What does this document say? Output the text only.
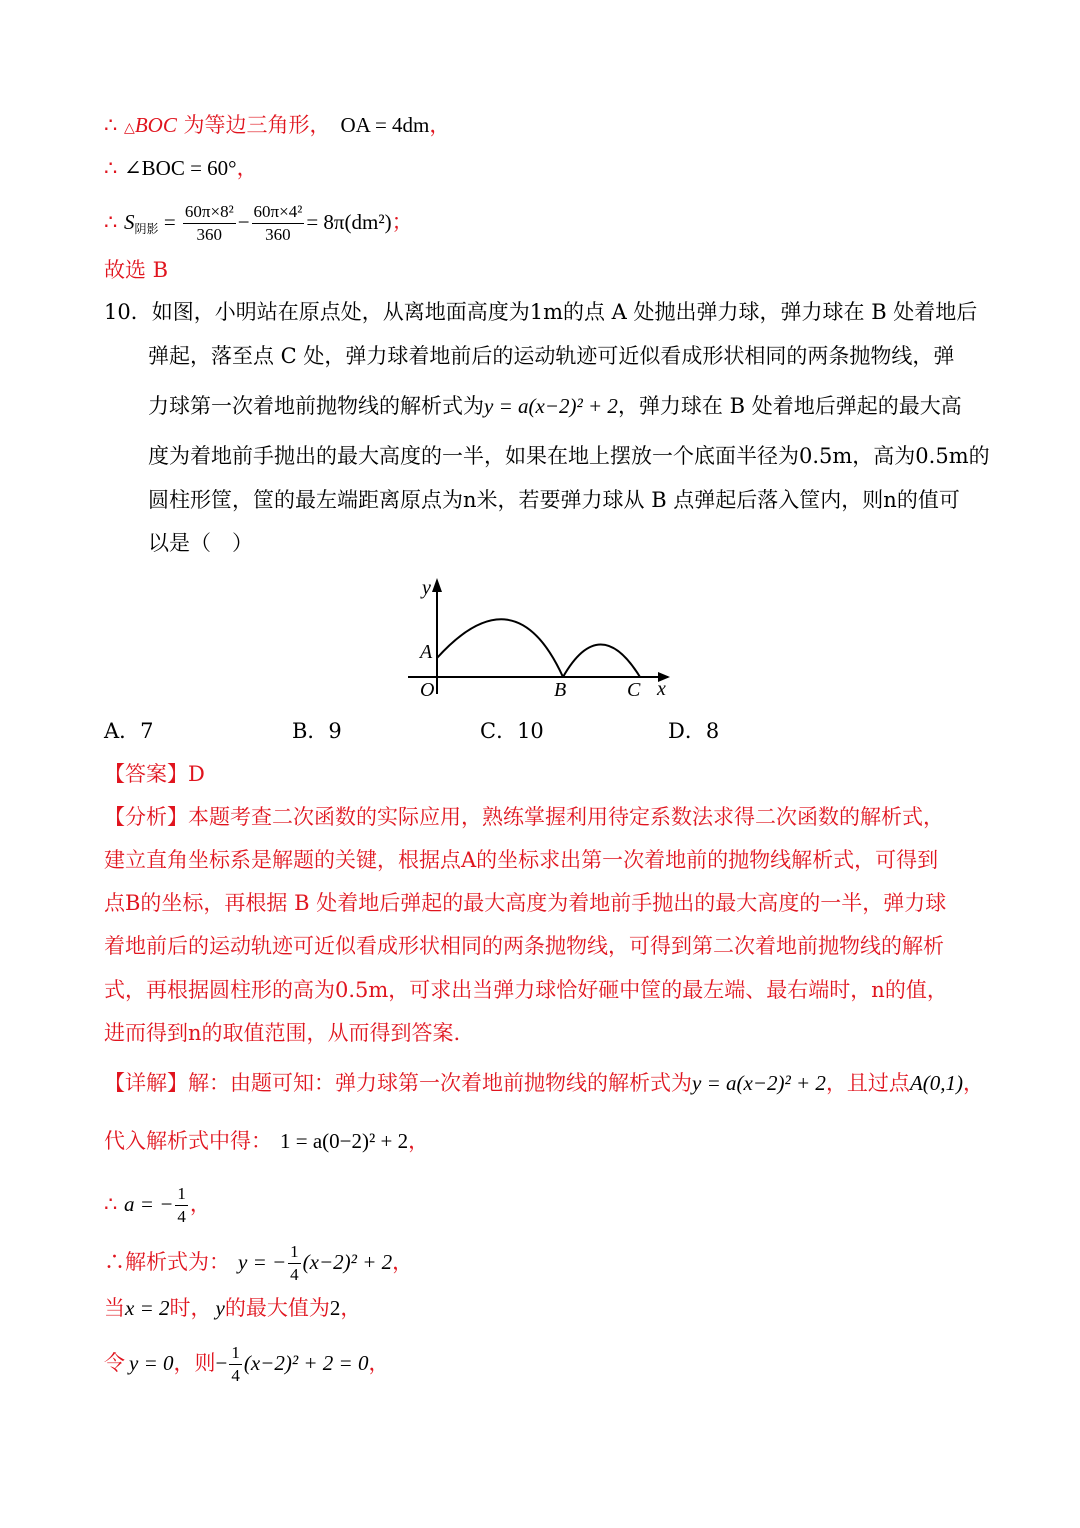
∴ △BOC 为等边三角形， OA = 4dm，
∴ ∠BOC = 60°，
∴ $S_{阴影} = \frac{\text{60π×8²}}{360} - \frac{\text{60π×4²}}{360} = 8\pi(dm^2)$；
故选 B
10．如图，小明站在原点处，从离地面高度为1m的点 A 处抛出弹力球，弹力球在 B 处着地后
弹起，落至点 C 处，弹力球着地前后的运动轨迹可近似看成形状相同的两条抛物线，弹
力球第一次着地前抛物线的解析式为y = a(x−2)² + 2，弹力球在 B 处着地后弹起的最大高
度为着地前手抛出的最大高度的一半，如果在地上摆放一个底面半径为0.5m，高为0.5m的
圆柱形筐，筐的最左端距离原点为n米，若要弹力球从 B 点弹起后落入筐内，则n的值可
以是（　）
y
x
O
A
B	C
A．7	B．9	C．10	D．8
【答案】D
【分析】本题考查二次函数的实际应用，熟练掌握利用待定系数法求得二次函数的解析式，
建立直角坐标系是解题的关键，根据点A的坐标求出第一次着地前的抛物线解析式，可得到
点B的坐标，再根据 B 处着地后弹起的最大高度为着地前手抛出的最大高度的一半，弹力球
着地前后的运动轨迹可近似看成形状相同的两条抛物线，可得到第二次着地前抛物线的解析
式，再根据圆柱形的高为0.5m，可求出当弹力球恰好砸中筐的最左端、最右端时，n的值，
进而得到n的取值范围，从而得到答案.
【详解】解：由题可知：弹力球第一次着地前抛物线的解析式为y = a(x−2)² + 2，且过点A(0,1)，
代入解析式中得： 1 = a(0−2)² + 2，
∴ a = − $\frac{1}{4}$ ，
∴解析式为： y = − $\frac{1}{4} (x-2)^2 + 2$，
当x = 2时， y的最大值为2，
令 y = 0，则− $\frac{1}{4} (x-2)^2 + 2 = 0$，
